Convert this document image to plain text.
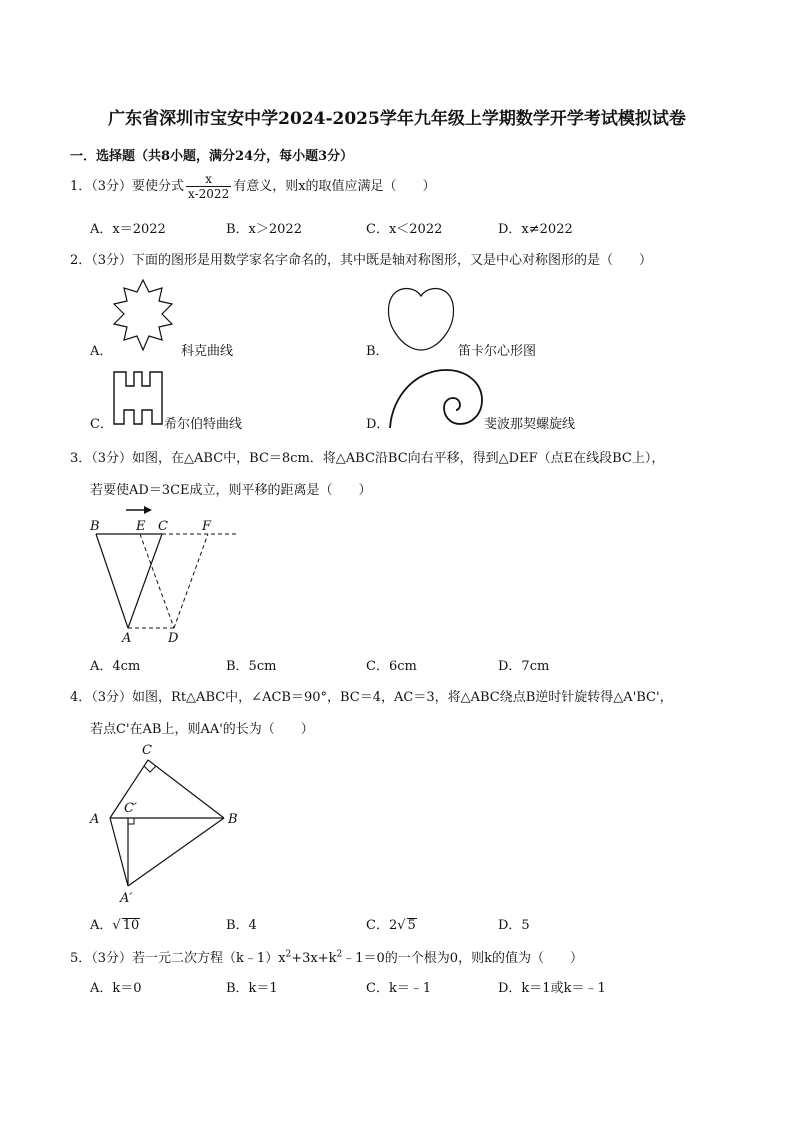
广东省深圳市宝安中学2024-2025学年九年级上学期数学开学考试模拟试卷
一．选择题（共8小题，满分24分，每小题3分）
1．（3分）要使分式 $\frac{x}{x-2022}$ 有意义，则x的取值应满足（　　）
A．x＝2022	B．x＞2022	C．x＜2022	D．x≠2022
2．（3分）下面的图形是用数学家名字命名的，其中既是轴对称图形，又是中心对称图形的是（　　）
A．	科克曲线	B．	笛卡尔心形图
C．	希尔伯特曲线	D．	斐波那契螺旋线
3．（3分）如图，在△ABC中，BC＝8cm．将△ABC沿BC向右平移，得到△DEF（点E在线段BC上），
若要使AD＝3CE成立，则平移的距离是（　　）
B	E C	F
A	D
A．4cm	B．5cm	C．6cm	D．7cm
4．（3分）如图，Rt△ABC中，∠ACB＝90°，BC＝4，AC＝3，将△ABC绕点B逆时针旋转得△A'BC'，
若点C'在AB上，则AA'的长为（　　）
C
C′
A	B
A′
A．√ 10	B．4	C．2√ 5	D．5
5．（3分）若一元二次方程$(k﹣1)x^2+3x+k^2﹣1=0$的一个根为0，则k的值为（　　）
A．k＝0	B．k＝1	C．k＝﹣1	D．k＝1或k＝﹣1
